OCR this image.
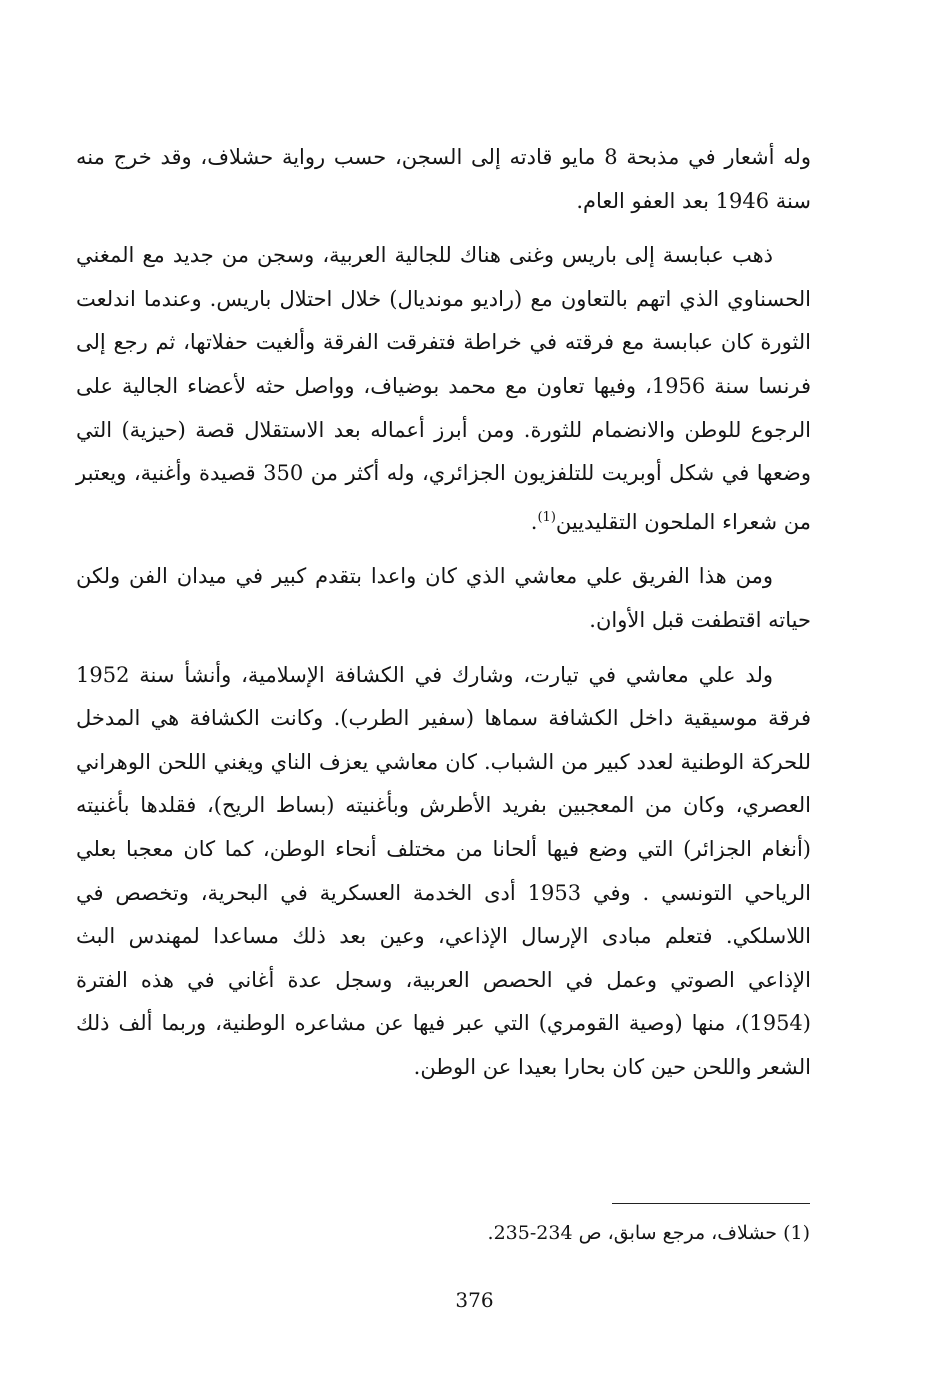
وله أشعار في مذبحة 8 مايو قادته إلى السجن، حسب رواية حشلاف، وقد خرج منه سنة 1946 بعد العفو العام.
ذهب عبابسة إلى باريس وغنى هناك للجالية العربية، وسجن من جديد مع المغني الحسناوي الذي اتهم بالتعاون مع (راديو مونديال) خلال احتلال باريس. وعندما اندلعت الثورة كان عبابسة مع فرقته في خراطة فتفرقت الفرقة وألغيت حفلاتها، ثم رجع إلى فرنسا سنة 1956، وفيها تعاون مع محمد بوضياف، وواصل حثه لأعضاء الجالية على الرجوع للوطن والانضمام للثورة. ومن أبرز أعماله بعد الاستقلال قصة (حيزية) التي وضعها في شكل أوبريت للتلفزيون الجزائري، وله أكثر من 350 قصيدة وأغنية، ويعتبر من شعراء الملحون التقليديين$^{(1)}$.
ومن هذا الفريق علي معاشي الذي كان واعدا بتقدم كبير في ميدان الفن ولكن حياته اقتطفت قبل الأوان.
ولد علي معاشي في تيارت، وشارك في الكشافة الإسلامية، وأنشأ سنة 1952 فرقة موسيقية داخل الكشافة سماها (سفير الطرب). وكانت الكشافة هي المدخل للحركة الوطنية لعدد كبير من الشباب. كان معاشي يعزف الناي ويغني اللحن الوهراني العصري، وكان من المعجبين بفريد الأطرش وبأغنيته (بساط الريح)، فقلدها بأغنيته (أنغام الجزائر) التي وضع فيها ألحانا من مختلف أنحاء الوطن، كما كان معجبا بعلي الرياحي التونسي . وفي 1953 أدى الخدمة العسكرية في البحرية، وتخصص في اللاسلكي. فتعلم مبادى الإرسال الإذاعي، وعين بعد ذلك مساعدا لمهندس البث الإذاعي الصوتي وعمل في الحصص العربية، وسجل عدة أغاني في هذه الفترة (1954)، منها (وصية القومري) التي عبر فيها عن مشاعره الوطنية، وربما ألف ذلك الشعر واللحن حين كان بحارا بعيدا عن الوطن.
(1) حشلاف، مرجع سابق، ص 234-235.
376
